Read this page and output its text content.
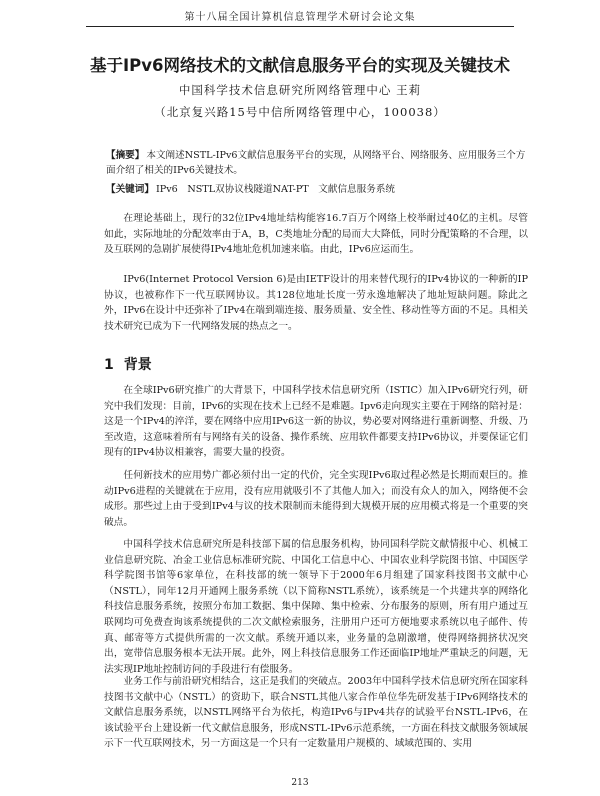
第十八届全国计算机信息管理学术研讨会论文集
基于IPv6网络技术的文献信息服务平台的实现及关键技术
中国科学技术信息研究所网络管理中心 王莉
（北京复兴路15号中信所网络管理中心，100038）
【摘要】 本文阐述NSTL-IPv6文献信息服务平台的实现，从网络平台、网络服务、应用服务三个方面介绍了相关的IPv6关键技术。
【关键词】 IPv6　NSTL双协议栈隧道NAT-PT　文献信息服务系统

在理论基础上，现行的32位IPv4地址结构能容16.7百万个网络上校举耐过40亿的主机。尽管如此，实际地址的分配效率由于A，B，C类地址分配的局而大大降低，同时分配策略的不合理，以及互联网的急剧扩展使得IPv4地址危机加速来临。由此，IPv6应运而生。

IPv6(Internet Protocol Version 6)是由IETF设计的用来替代现行的IPv4协议的一种新的IP协议，也被称作下一代互联网协议。其128位地址长度一劳永逸地解决了地址短缺问题。除此之外，IPv6在设计中还弥补了IPv4在端到端连接、服务质量、安全性、移动性等方面的不足。具相关技术研究已成为下一代网络发展的热点之一。

1 背景

在全球IPv6研究推广的大背景下，中国科学技术信息研究所（ISTIC）加入IPv6研究行列，研究中我们发现：目前，IPv6的实现在技术上已经不是难题。Ipv6走向现实主要在于网络的陪衬是：这是一个IPv4的淬洋，要在网络中应用IPv6这一新的协议，势必要对网络进行重新调整、升级、乃至改造，这意味着所有与网络有关的设备、操作系统、应用软件都要支持IPv6协议，并要保证它们现有的IPv4协议相兼容，需要大量的投资。

任何新技术的应用势广都必须付出一定的代价，完全实现IPv6取过程必然是长期而艰巨的。推动IPv6进程的关键就在于应用，没有应用就吸引不了其他人加入；而没有众人的加入，网络便不会成形。那些过上由于受到IPv4与议的技术限制而未能得到大规模开展的应用模式将是一个重要的突破点。

中国科学技术信息研究所是科技部下属的信息服务机构，协同国科学院文献情报中心、机械工业信息研究院、冶金工业信息标准研究院、中国化工信息中心、中国农业科学院图书馆、中国医学科学院图书馆等6家单位，在科技部的统一领导下于2000年6月组建了国家科技图书文献中心（NSTL），同年12月开通网上服务系统（以下简称NSTL系统），该系统是一个共建共享的网络化科技信息服务系统，按照分布加工数据、集中保障、集中检索、分布服务的原则，所有用户通过互联网均可免费查询该系统提供的二次文献检索服务，注册用户还可方便地要求系统以电子邮件、传真、邮寄等方式提供所需的一次文献。系统开通以来，业务量的急剧激增，使得网络拥挤状况突出，宽带信息服务根本无法开展。此外，网上科技信息服务工作还面临IP地址严重缺乏的问题，无法实现IP地址控制访问的手段进行有偿服务。

业务工作与前沿研究相结合，这正是我们的突破点。2003年中国科学技术信息研究所在国家科技图书文献中心（NSTL）的资助下，联合NSTL其他八家合作单位华先研发基于IPv6网络技术的文献信息服务系统，以NSTL网络平台为依托，构造IPv6与IPv4共存的试验平台NSTL-IPv6，在该试验平台上建设新一代文献信息服务，形成NSTL-IPv6示范系统，一方面在科技文献服务领域展示下一代互联网技术，另一方面这是一个只有一定数量用户规模的、域域范围的、实用

213
